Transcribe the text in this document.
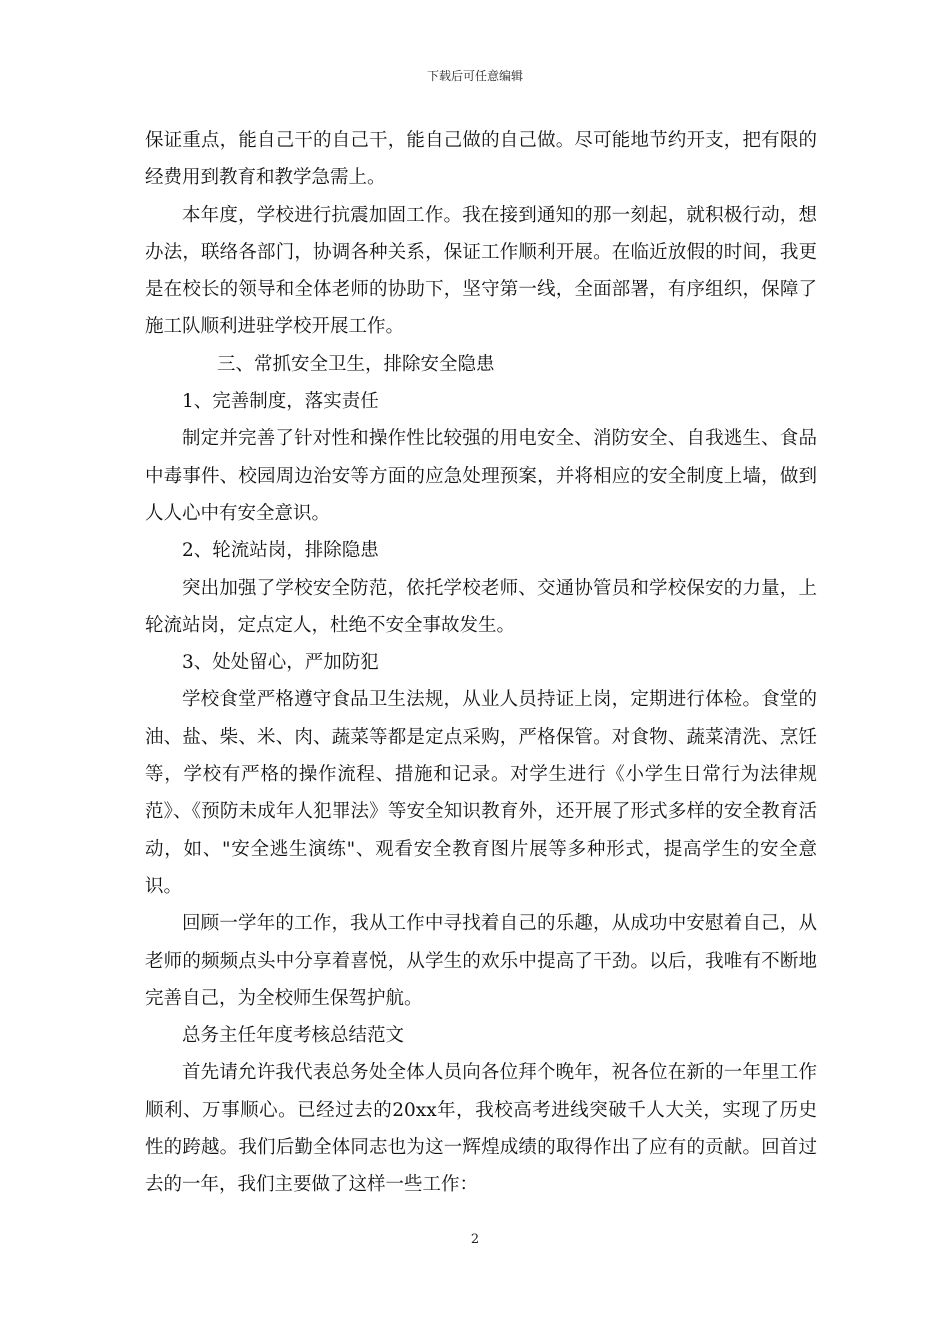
下载后可任意编辑

保证重点，能自己干的自己干，能自己做的自己做。尽可能地节约开支，把有限的经费用到教育和教学急需上。

本年度，学校进行抗震加固工作。我在接到通知的那一刻起，就积极行动，想办法，联络各部门，协调各种关系，保证工作顺利开展。在临近放假的时间，我更是在校长的领导和全体老师的协助下，坚守第一线，全面部署，有序组织，保障了施工队顺利进驻学校开展工作。

三、常抓安全卫生，排除安全隐患

1、完善制度，落实责任

制定并完善了针对性和操作性比较强的用电安全、消防安全、自我逃生、食品中毒事件、校园周边治安等方面的应急处理预案，并将相应的安全制度上墙，做到人人心中有安全意识。

2、轮流站岗，排除隐患

突出加强了学校安全防范，依托学校老师、交通协管员和学校保安的力量，上轮流站岗，定点定人，杜绝不安全事故发生。

3、处处留心，严加防犯

学校食堂严格遵守食品卫生法规，从业人员持证上岗，定期进行体检。食堂的油、盐、柴、米、肉、蔬菜等都是定点采购，严格保管。对食物、蔬菜清洗、烹饪等，学校有严格的操作流程、措施和记录。对学生进行《小学生日常行为法律规范》、《预防未成年人犯罪法》等安全知识教育外，还开展了形式多样的安全教育活动，如、"安全逃生演练"、观看安全教育图片展等多种形式，提高学生的安全意识。

回顾一学年的工作，我从工作中寻找着自己的乐趣，从成功中安慰着自己，从老师的频频点头中分享着喜悦，从学生的欢乐中提高了干劲。以后，我唯有不断地完善自己，为全校师生保驾护航。

总务主任年度考核总结范文

首先请允许我代表总务处全体人员向各位拜个晚年，祝各位在新的一年里工作顺利、万事顺心。已经过去的20xx年，我校高考进线突破千人大关，实现了历史性的跨越。我们后勤全体同志也为这一辉煌成绩的取得作出了应有的贡献。回首过去的一年，我们主要做了这样一些工作：

2
